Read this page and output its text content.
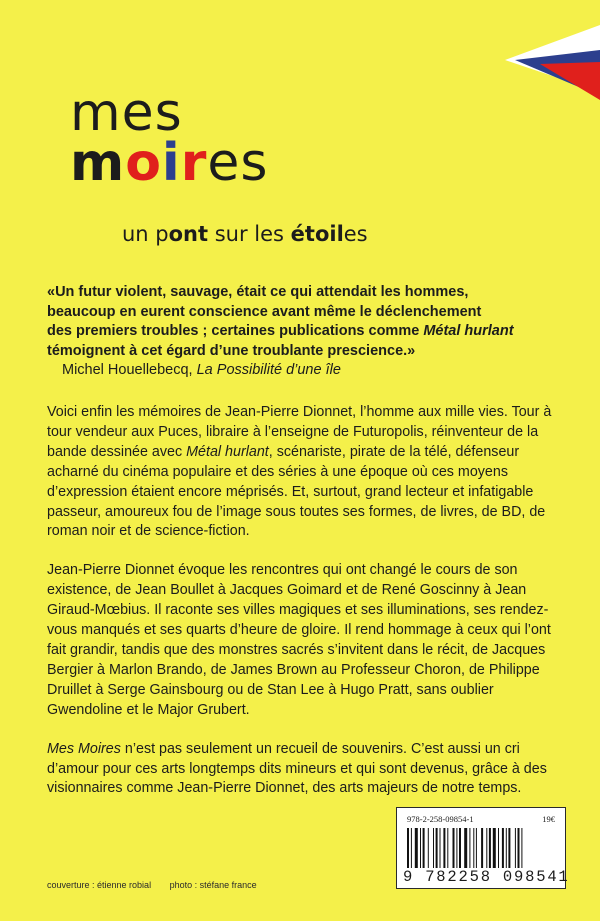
mes
moires

un pont sur les étoiles

«Un futur violent, sauvage, était ce qui attendait les hommes,

beaucoup en eurent conscience avant même le déclenchement

des premiers troubles ; certaines publications comme Métal hurlant

témoignent à cet égard d’une troublante prescience.»

Michel Houellebecq, La Possibilité d’une île

Voici enfin les mémoires de Jean-Pierre Dionnet, l’homme aux mille vies. Tour à tour vendeur aux Puces, libraire à l’enseigne de Futuropolis, réinventeur de la bande dessinée avec Métal hurlant, scénariste, pirate de la télé, défenseur acharné du cinéma populaire et des séries à une époque où ces moyens d’expression étaient encore méprisés. Et, surtout, grand lecteur et infatigable passeur, amoureux fou de l’image sous toutes ses formes, de livres, de BD, de roman noir et de science-fiction.

Jean-Pierre Dionnet évoque les rencontres qui ont changé le cours de son existence, de Jean Boullet à Jacques Goimard et de René Goscinny à Jean Giraud-Mœbius. Il raconte ses villes magiques et ses illuminations, ses rendez-vous manqués et ses quarts d’heure de gloire. Il rend hommage à ceux qui l’ont fait grandir, tandis que des monstres sacrés s’invitent dans le récit, de Jacques Bergier à Marlon Brando, de James Brown au Professeur Choron, de Philippe Druillet à Serge Gainsbourg ou de Stan Lee à Hugo Pratt, sans oublier Gwendoline et le Major Grubert.

Mes Moires n’est pas seulement un recueil de souvenirs. C’est aussi un cri d’amour pour ces arts longtemps dits mineurs et qui sont devenus, grâce à des visionnaires comme Jean-Pierre Dionnet, des arts majeurs de notre temps.

978-2-258-09854-1	19€
9 782258 098541
couverture : étienne robial photo : stéfane france
